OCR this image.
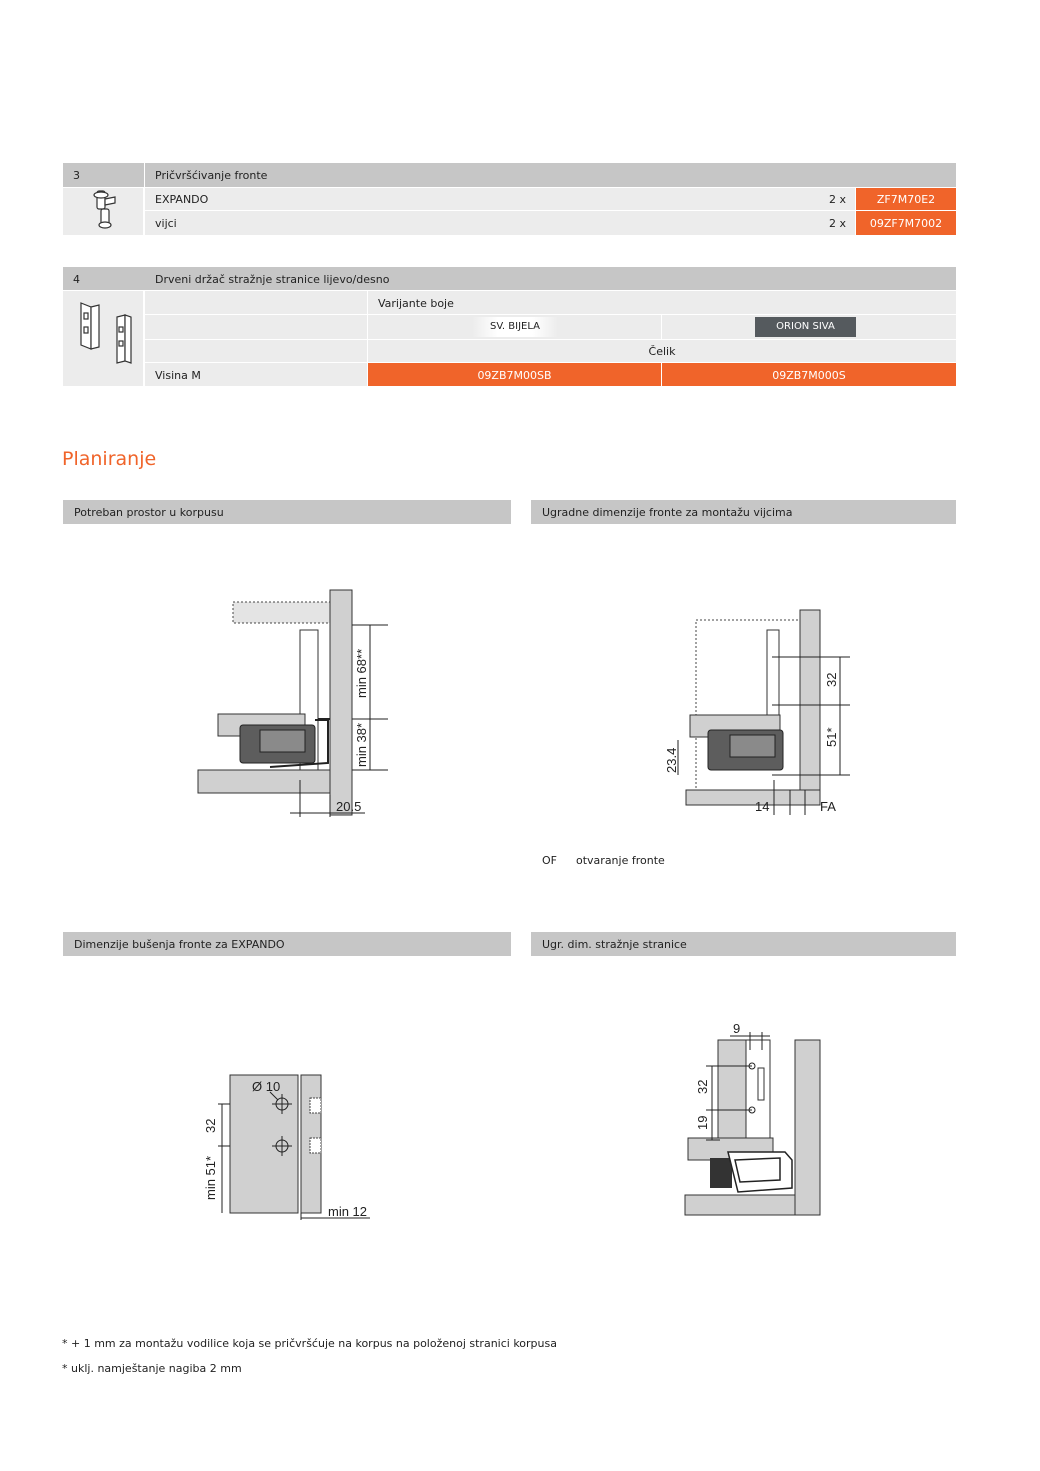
3	Pričvršćivanje fronte
EXPANDO	2 x	ZF7M70E2
vijci	2 x	09ZF7M7002
4	Drveni držač stražnje stranice lijevo/desno
Varijante boje
SV. BIJELA	ORION SIVA
Čelik
Visina M	09ZB7M00SB	09ZB7M000S
Planiranje
Potreban prostor u korpusu	Ugradne dimenzije fronte za montažu vijcima
min 68**
min 38*
20.5
23.4
32
51*
14	FA
OF otvaranje fronte
Dimenzije bušenja fronte za EXPANDO	Ugr. dim. stražnje stranice
Ø 10
32
min 51*
min 12
9
32
19
* + 1 mm za montažu vodilice koja se pričvršćuje na korpus na položenoj stranici korpusa
* uklj. namještanje nagiba 2 mm
